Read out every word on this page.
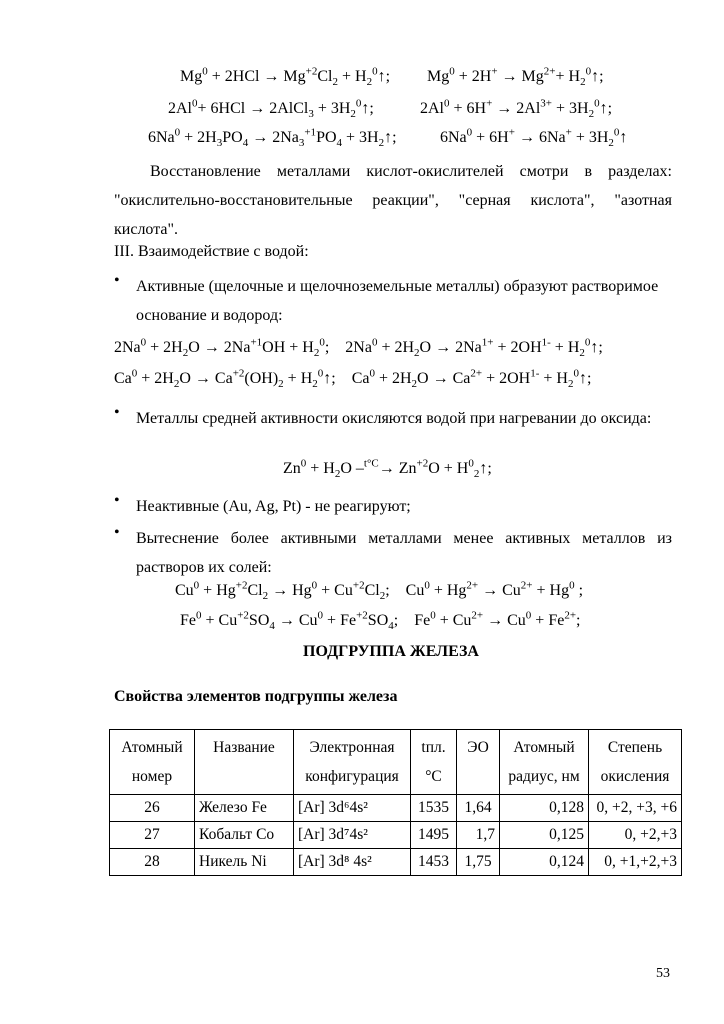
$Mg^0 + 2HCl \to Mg^{+2}Cl_2$ + $H_2^0↑$; $Mg^0 + 2H^+ \to Mg^{2+}+$ $H_2^0↑$;
$2Al^0+ 6HCl$ → 2AlCl$_3$ + $3H_2^0↑$;	$2Al^0 + 6H^+ \to 2Al^{3+}$ + $3H_2^0↑$;
$6Na^0 + 2H_3PO_4 \to 2Na_3^{+1}PO_4$ + $3H_2↑$;	$6Na^0 + 6H^+ \to 6Na^+$ + $3H_2^0↑$
Восстановление металлами кислот-окислителей смотри в разделах: "окислительно-восстановительные реакции", "серная кислота", "азотная кислота".
III. Взаимодействие с водой:
• Активные (щелочные и щелочноземельные металлы) образуют растворимое основание и водород:
$2Na^0 + 2H_2O \to 2Na^{+1}OH + H_2^0$;    $2Na^0 + 2H_2O \to 2Na^{1+} + 2OH^{1-}$ + $H_2^0↑$;
$Ca^0 + 2H_2O \to Ca^{+2}(OH)_2$ + $H_2^0↑$;    $Ca^0 + 2H_2O \to Ca^{2+} + 2OH^{1-}$ + $H_2^0↑$;
• Металлы средней активности окисляются водой при нагревании до оксида:
$Zn^0 + H_2O$ $-^{t^\circ C}\to Zn^{+2}O$ + $H^0_2↑$;
• Неактивные (Au, Ag, Pt) - не реагируют;
• Вытеснение более активными металлами менее активных металлов из растворов их солей:
$Cu^0 + Hg^{+2}Cl_2 \to Hg^0 + Cu^{+2}Cl_2$;    $Cu^0 + Hg^{2+} \to Cu^{2+} + Hg^0$ ;
$Fe^0 + Cu^{+2}SO_4 \to Cu^0 + Fe^{+2}SO_4$;    $Fe^0 + Cu^{2+} \to Cu^0 + Fe^{2+}$;
ПОДГРУППА ЖЕЛЕЗА
Свойства элементов подгруппы железа
Атомный номер	Название	Электронная конфигурация	tпл. °C	ЭО	Атомный радиус, нм	Степень окисления
26	Железо Fe	[Ar] 3d⁶4s²	1535	1,64	0,128	0, +2, +3, +6
27	Кобальт Co	[Ar] 3d⁷4s²	1495	1,7	0,125	0, +2,+3
28	Никель Ni	[Ar] 3d⁸ 4s²	1453	1,75	0,124	0, +1,+2,+3
53
